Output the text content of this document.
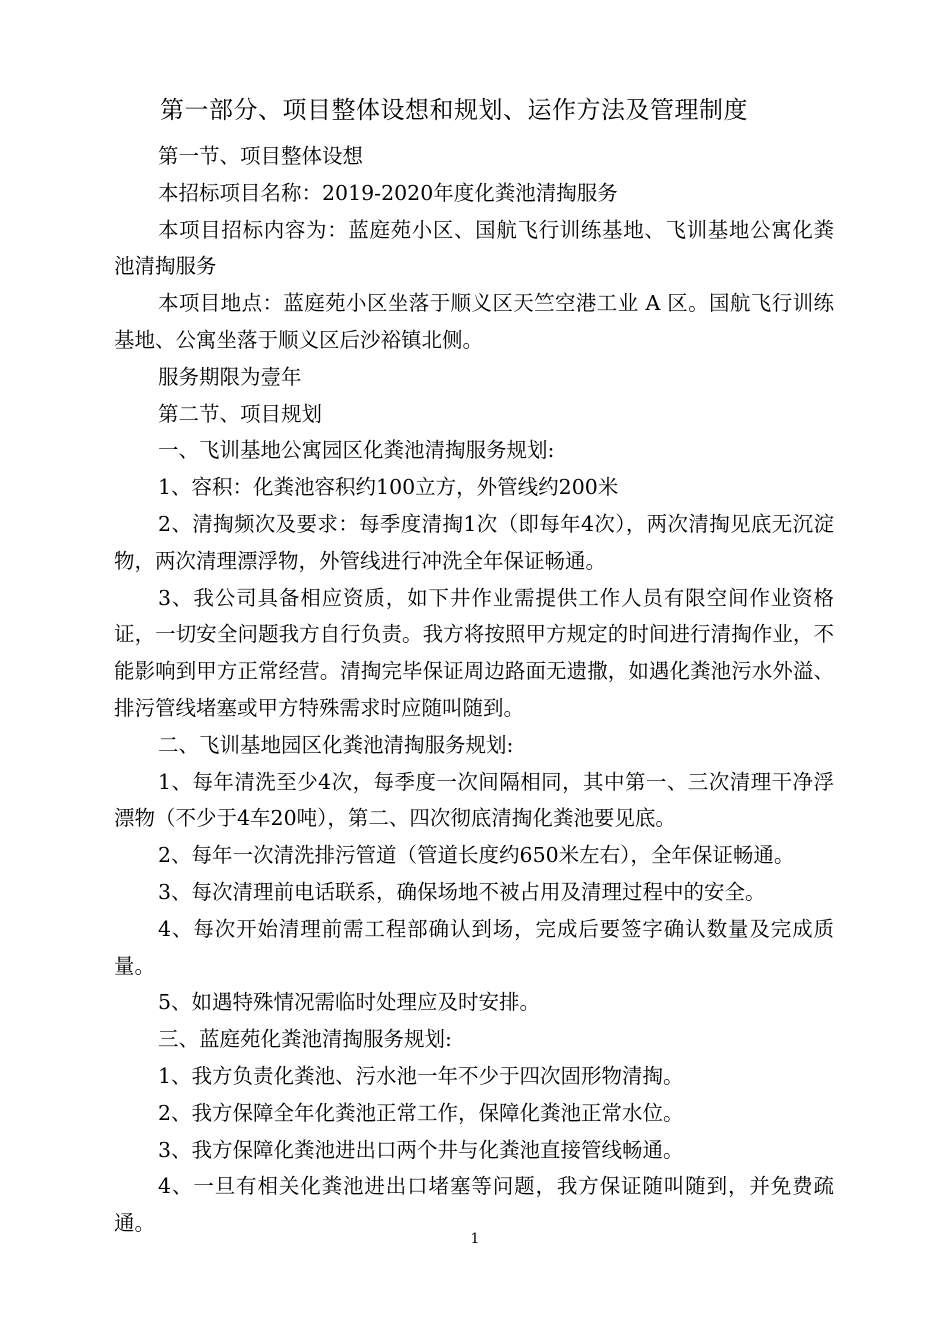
第一部分、项目整体设想和规划、运作方法及管理制度

第一节、项目整体设想

本招标项目名称：2019-2020年度化粪池清掏服务

本项目招标内容为：蓝庭苑小区、国航飞行训练基地、飞训基地公寓化粪池清掏服务

本项目地点：蓝庭苑小区坐落于顺义区天竺空港工业 A 区。国航飞行训练基地、公寓坐落于顺义区后沙裕镇北侧。

服务期限为壹年

第二节、项目规划

一、飞训基地公寓园区化粪池清掏服务规划:

1、容积：化粪池容积约100立方，外管线约200米

2、清掏频次及要求：每季度清掏1次（即每年4次），两次清掏见底无沉淀物，两次清理漂浮物，外管线进行冲洗全年保证畅通。

3、我公司具备相应资质，如下井作业需提供工作人员有限空间作业资格证，一切安全问题我方自行负责。我方将按照甲方规定的时间进行清掏作业，不能影响到甲方正常经营。清掏完毕保证周边路面无遗撒，如遇化粪池污水外溢、排污管线堵塞或甲方特殊需求时应随叫随到。

二、飞训基地园区化粪池清掏服务规划:

1、每年清洗至少4次，每季度一次间隔相同，其中第一、三次清理干净浮漂物（不少于4车20吨），第二、四次彻底清掏化粪池要见底。

2、每年一次清洗排污管道（管道长度约650米左右），全年保证畅通。

3、每次清理前电话联系，确保场地不被占用及清理过程中的安全。

4、每次开始清理前需工程部确认到场，完成后要签字确认数量及完成质量。

5、如遇特殊情况需临时处理应及时安排。

三、蓝庭苑化粪池清掏服务规划:

1、我方负责化粪池、污水池一年不少于四次固形物清掏。

2、我方保障全年化粪池正常工作，保障化粪池正常水位。

3、我方保障化粪池进出口两个井与化粪池直接管线畅通。

4、一旦有相关化粪池进出口堵塞等问题，我方保证随叫随到，并免费疏通。

1
